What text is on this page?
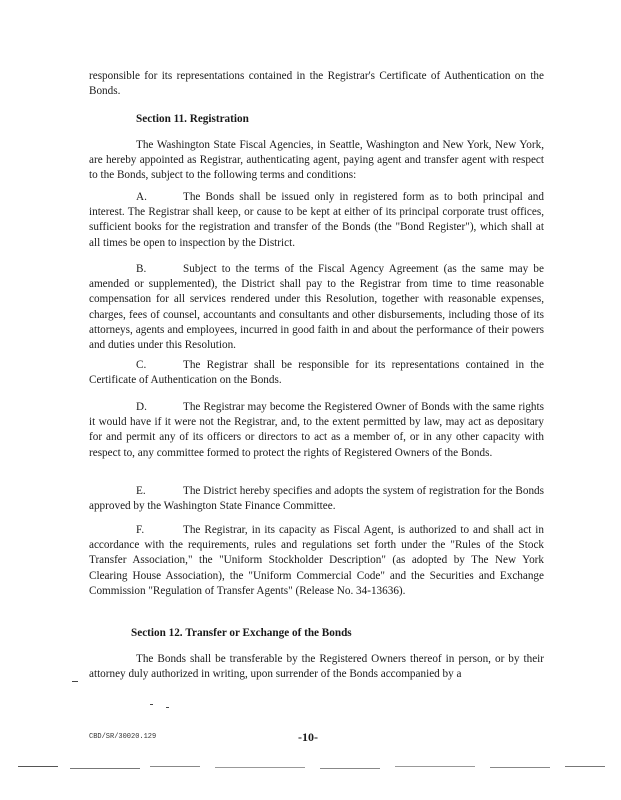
responsible for its representations contained in the Registrar's Certificate of Authentication on the Bonds.

Section 11. Registration

The Washington State Fiscal Agencies, in Seattle, Washington and New York, New York, are hereby appointed as Registrar, authenticating agent, paying agent and transfer agent with respect to the Bonds, subject to the following terms and conditions:

A.	The Bonds shall be issued only in registered form as to both principal and interest. The Registrar shall keep, or cause to be kept at either of its principal corporate trust offices, sufficient books for the registration and transfer of the Bonds (the "Bond Register"), which shall at all times be open to inspection by the District.

B.	Subject to the terms of the Fiscal Agency Agreement (as the same may be amended or supplemented), the District shall pay to the Registrar from time to time reasonable compensation for all services rendered under this Resolution, together with reasonable expenses, charges, fees of counsel, accountants and consultants and other disbursements, including those of its attorneys, agents and employees, incurred in good faith in and about the performance of their powers and duties under this Resolution.

C.	The Registrar shall be responsible for its representations contained in the Certificate of Authentication on the Bonds.

D.	The Registrar may become the Registered Owner of Bonds with the same rights it would have if it were not the Registrar, and, to the extent permitted by law, may act as depositary for and permit any of its officers or directors to act as a member of, or in any other capacity with respect to, any committee formed to protect the rights of Registered Owners of the Bonds.

E.	The District hereby specifies and adopts the system of registration for the Bonds approved by the Washington State Finance Committee.

F.	The Registrar, in its capacity as Fiscal Agent, is authorized to and shall act in accordance with the requirements, rules and regulations set forth under the "Rules of the Stock Transfer Association," the "Uniform Stockholder Description" (as adopted by The New York Clearing House Association), the "Uniform Commercial Code" and the Securities and Exchange Commission "Regulation of Transfer Agents" (Release No. 34-13636).

Section 12. Transfer or Exchange of the Bonds

The Bonds shall be transferable by the Registered Owners thereof in person, or by their attorney duly authorized in writing, upon surrender of the Bonds accompanied by a

CBD/SR/30020.129	-10-
